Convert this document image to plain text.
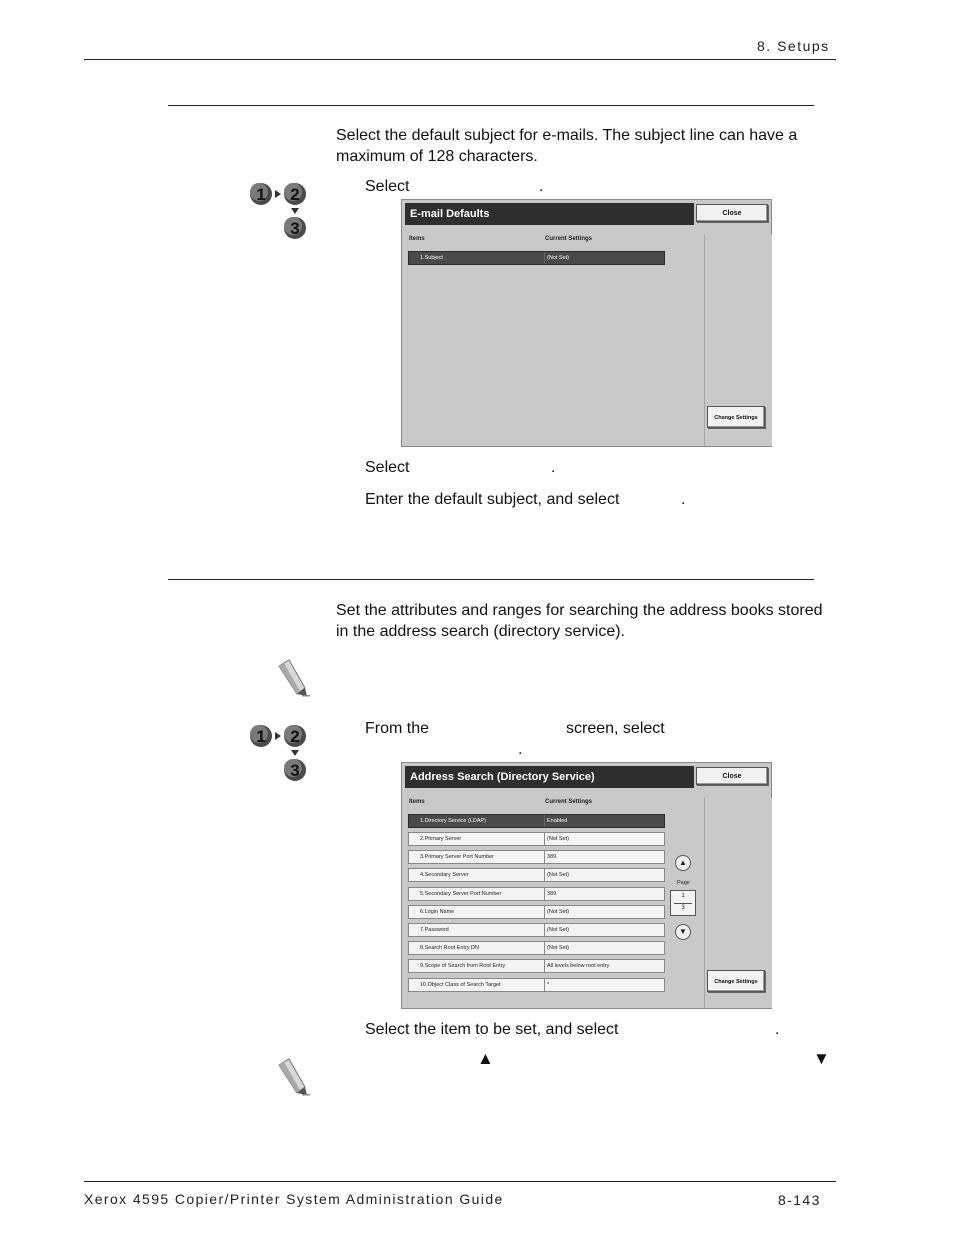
8. Setups
Select the default subject for e-mails. The subject line can have a maximum of 128 characters.
1 2
3
Select	.
E-mail Defaults	Close
Items	Current Settings
1.Subject	(Not Set)
Change Settings
Select	.
Enter the default subject, and select	.
Set the attributes and ranges for searching the address books stored in the address search (directory service).
1 2
3
From the	screen, select
.
Address Search (Directory Service)	Close
Items	Current Settings
1.Directory Service (LDAP)	Enabled
2.Primary Server	(Not Set)
3.Primary Server Port Number	389
4.Secondary Server	(Not Set)
5.Secondary Server Port Number	389
6.Login Name	(Not Set)
7.Password	(Not Set)
8.Search Root Entry DN	(Not Set)
9.Scope of Search from Root Entry	All levels below root entry
10.Object Class of Search Target	*
▲
Page
1
3
▼
Change Settings
Select the item to be set, and select	.
▲	▼
Xerox 4595 Copier/Printer System Administration Guide	8-143
